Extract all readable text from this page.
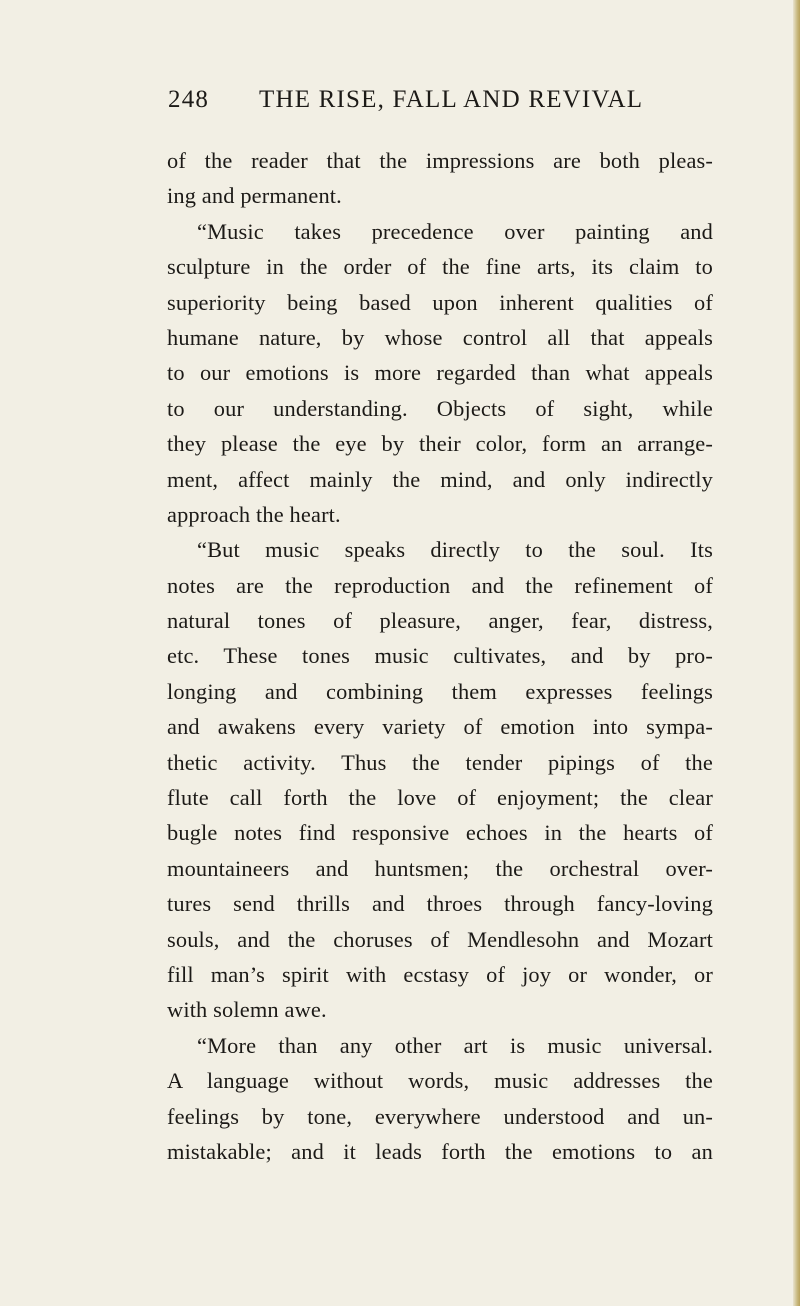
248 THE RISE, FALL AND REVIVAL
of the reader that the impressions are both pleas-
ing and permanent.
“Music takes precedence over painting and
sculpture in the order of the fine arts, its claim to
superiority being based upon inherent qualities of
humane nature, by whose control all that appeals
to our emotions is more regarded than what appeals
to our understanding. Objects of sight, while
they please the eye by their color, form an arrange-
ment, affect mainly the mind, and only indirectly
approach the heart.
“But music speaks directly to the soul. Its
notes are the reproduction and the refinement of
natural tones of pleasure, anger, fear, distress,
etc. These tones music cultivates, and by pro-
longing and combining them expresses feelings
and awakens every variety of emotion into sympa-
thetic activity. Thus the tender pipings of the
flute call forth the love of enjoyment; the clear
bugle notes find responsive echoes in the hearts of
mountaineers and huntsmen; the orchestral over-
tures send thrills and throes through fancy-loving
souls, and the choruses of Mendlesohn and Mozart
fill man’s spirit with ecstasy of joy or wonder, or
with solemn awe.
“More than any other art is music universal.
A language without words, music addresses the
feelings by tone, everywhere understood and un-
mistakable; and it leads forth the emotions to an
